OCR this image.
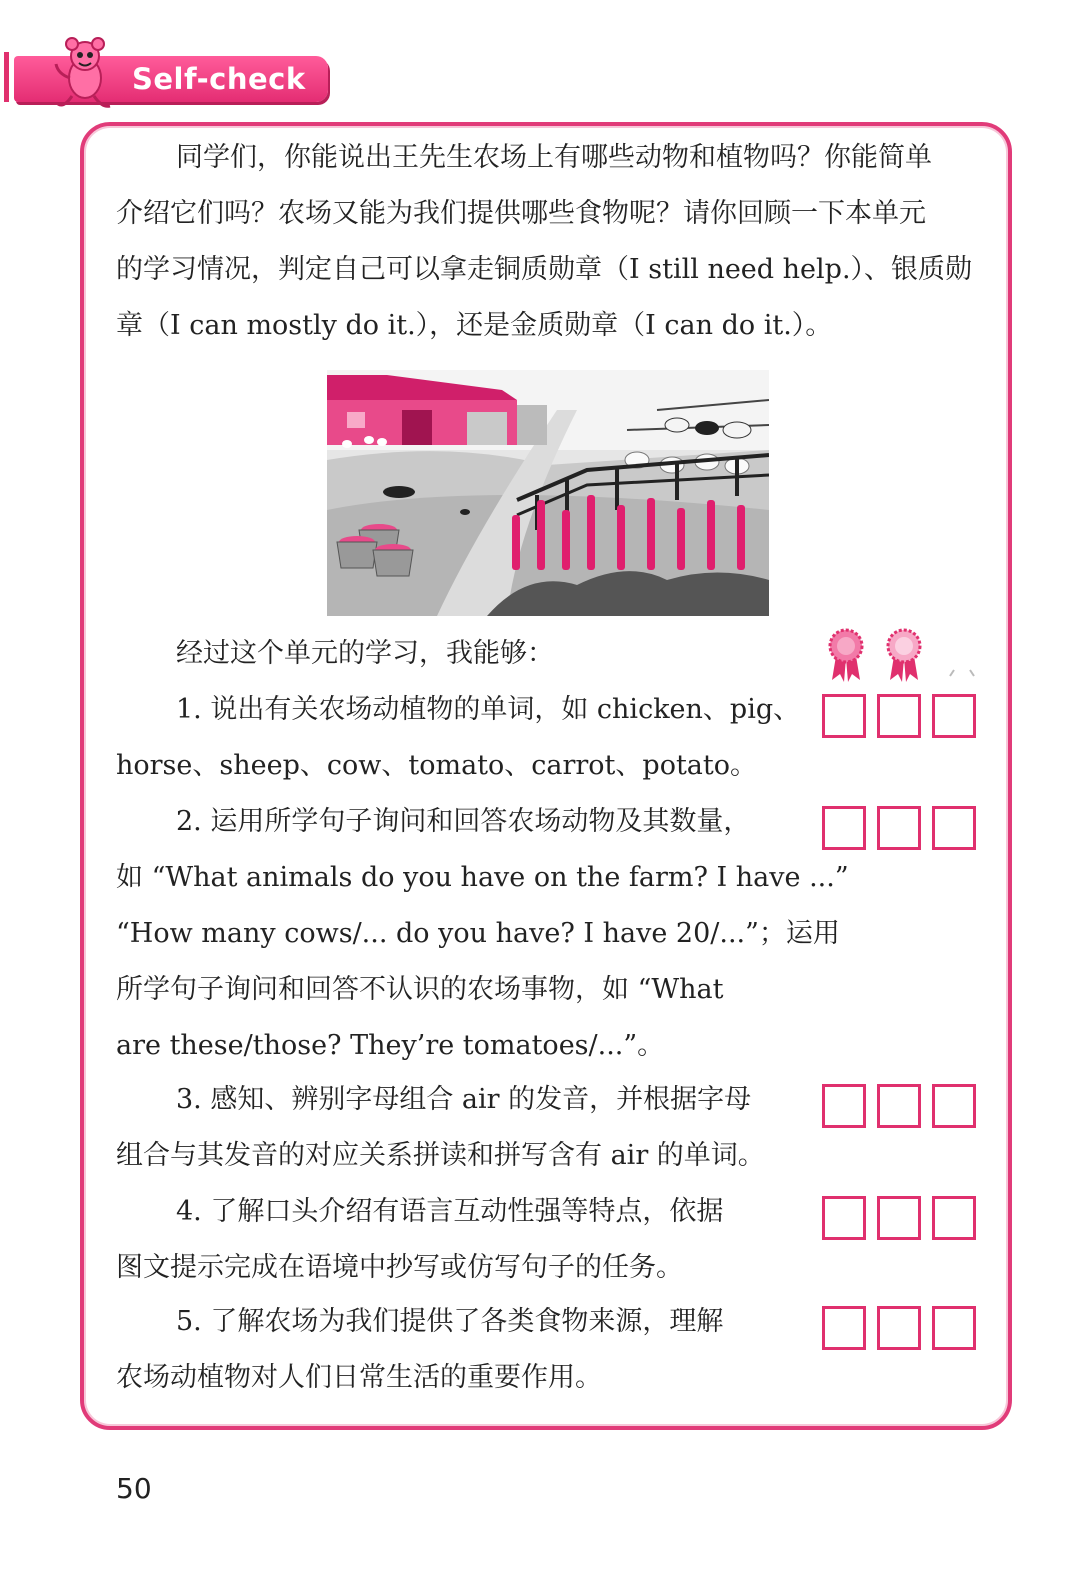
Self-check
同学们，你能说出王先生农场上有哪些动物和植物吗？你能简单
介绍它们吗？农场又能为我们提供哪些食物呢？请你回顾一下本单元
的学习情况，判定自己可以拿走铜质勋章（I still need help.）、银质勋
章（I can mostly do it.），还是金质勋章（I can do it.）。
经过这个单元的学习，我能够：
1. 说出有关农场动植物的单词，如 chicken、pig、
horse、sheep、cow、tomato、carrot、potato。
2. 运用所学句子询问和回答农场动物及其数量，
如 “What animals do you have on the farm? I have ...”
“How many cows/... do you have? I have 20/...”；运用
所学句子询问和回答不认识的农场事物，如 “What
are these/those? They’re tomatoes/...”。
3. 感知、辨别字母组合 air 的发音，并根据字母
组合与其发音的对应关系拼读和拼写含有 air 的单词。
4. 了解口头介绍有语言互动性强等特点，依据
图文提示完成在语境中抄写或仿写句子的任务。
5. 了解农场为我们提供了各类食物来源，理解
农场动植物对人们日常生活的重要作用。
50
